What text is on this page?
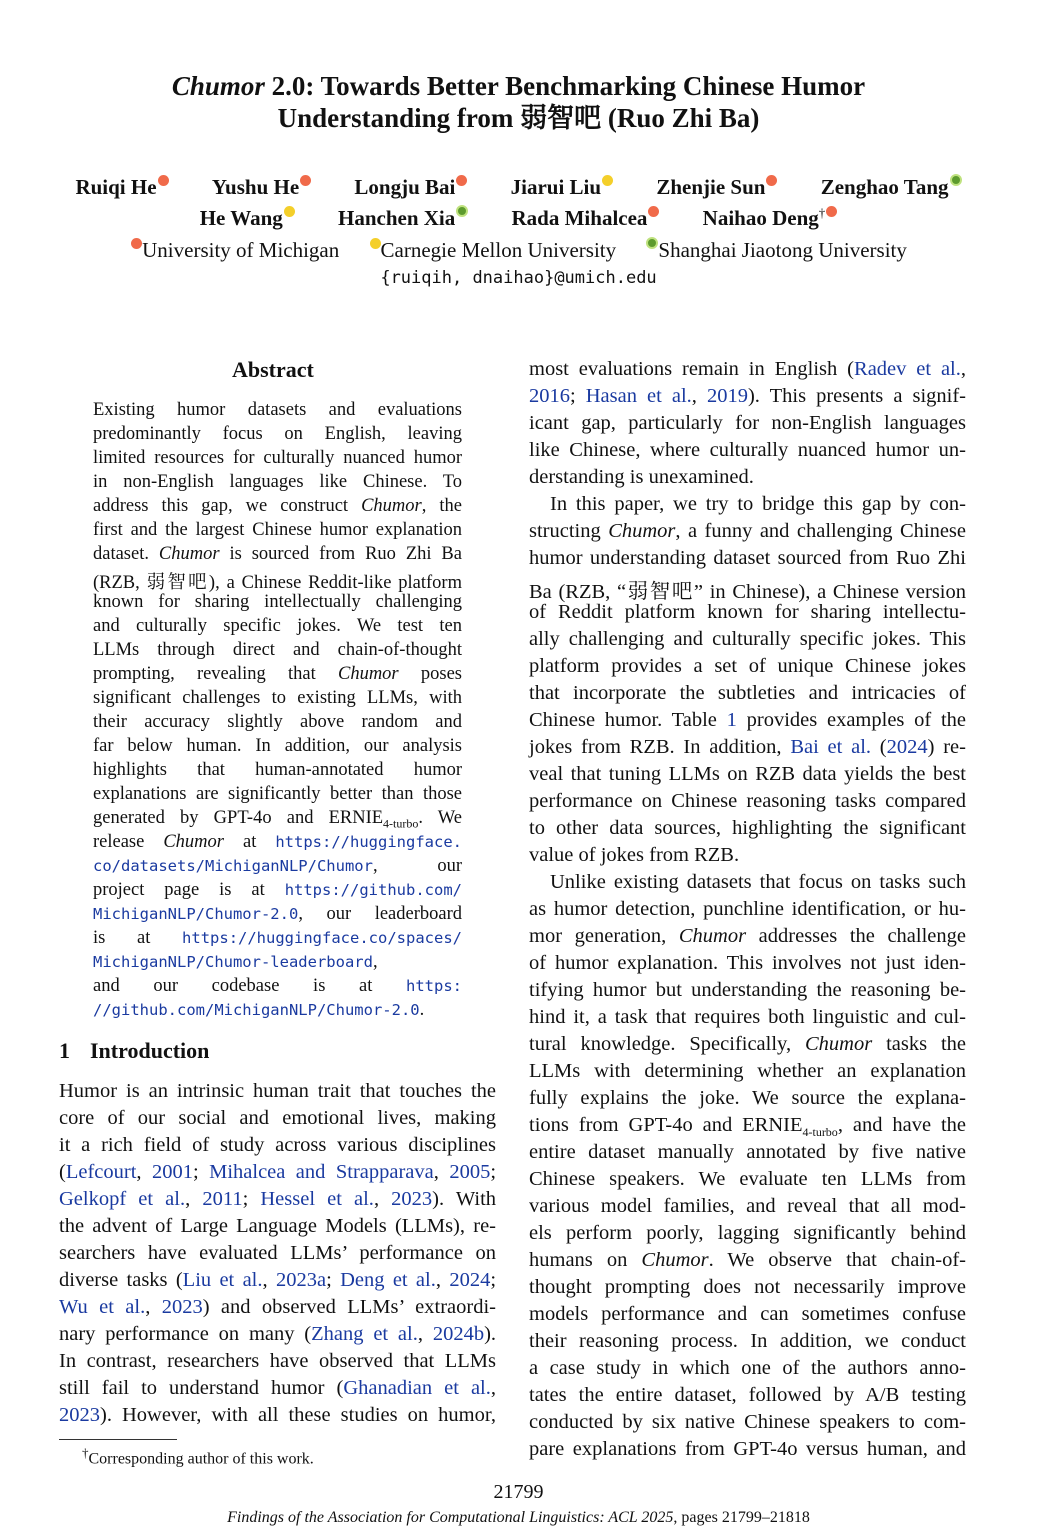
Chumor 2.0: Towards Better Benchmarking Chinese Humor
Understanding from 弱智吧 (Ruo Zhi Ba)
Ruiqi He	Yushu He	Longju Bai	Jiarui Liu	Zhenjie Sun	Zenghao Tang
He Wang	Hanchen Xia	Rada Mihalcea	Naihao Deng†
University of Michigan Carnegie Mellon University Shanghai Jiaotong University
{ruiqih, dnaihao}@umich.edu
Abstract
Existing humor datasets and evaluations
predominantly focus on English, leaving
limited resources for culturally nuanced humor
in non-English languages like Chinese. To
address this gap, we construct Chumor, the
first and the largest Chinese humor explanation
dataset. Chumor is sourced from Ruo Zhi Ba
(RZB, 弱智吧), a Chinese Reddit-like platform
known for sharing intellectually challenging
and culturally specific jokes. We test ten
LLMs through direct and chain-of-thought
prompting, revealing that Chumor poses
significant challenges to existing LLMs, with
their accuracy slightly above random and
far below human. In addition, our analysis
highlights that human-annotated humor
explanations are significantly better than those
generated by GPT-4o and $ERNIE_{4-turbo}$. We
release Chumor at https://huggingface.
co/datasets/MichiganNLP/Chumor, our
project page is at https://github.com/
MichiganNLP/Chumor-2.0, our leaderboard
is at https://huggingface.co/spaces/
MichiganNLP/Chumor-leaderboard,
and our codebase is at https:
//github.com/MichiganNLP/Chumor-2.0.
1 Introduction
Humor is an intrinsic human trait that touches the
core of our social and emotional lives, making
it a rich field of study across various disciplines
(Lefcourt, 2001; Mihalcea and Strapparava, 2005;
Gelkopf et al., 2011; Hessel et al., 2023). With
the advent of Large Language Models (LLMs), re-
searchers have evaluated LLMs’ performance on
diverse tasks (Liu et al., 2023a; Deng et al., 2024;
Wu et al., 2023) and observed LLMs’ extraordi-
nary performance on many (Zhang et al., 2024b).
In contrast, researchers have observed that LLMs
still fail to understand humor (Ghanadian et al.,
2023). However, with all these studies on humor,
†Corresponding author of this work.
most evaluations remain in English (Radev et al.,
2016; Hasan et al., 2019). This presents a signif-
icant gap, particularly for non-English languages
like Chinese, where culturally nuanced humor un-
derstanding is unexamined.
In this paper, we try to bridge this gap by con-
structing Chumor, a funny and challenging Chinese
humor understanding dataset sourced from Ruo Zhi
Ba (RZB, “弱智吧” in Chinese), a Chinese version
of Reddit platform known for sharing intellectu-
ally challenging and culturally specific jokes. This
platform provides a set of unique Chinese jokes
that incorporate the subtleties and intricacies of
Chinese humor. Table 1 provides examples of the
jokes from RZB. In addition, Bai et al. (2024) re-
veal that tuning LLMs on RZB data yields the best
performance on Chinese reasoning tasks compared
to other data sources, highlighting the significant
value of jokes from RZB.
Unlike existing datasets that focus on tasks such
as humor detection, punchline identification, or hu-
mor generation, Chumor addresses the challenge
of humor explanation. This involves not just iden-
tifying humor but understanding the reasoning be-
hind it, a task that requires both linguistic and cul-
tural knowledge. Specifically, Chumor tasks the
LLMs with determining whether an explanation
fully explains the joke. We source the explana-
tions from GPT-4o and $ERNIE_{4-turbo}$, and have the
entire dataset manually annotated by five native
Chinese speakers. We evaluate ten LLMs from
various model families, and reveal that all mod-
els perform poorly, lagging significantly behind
humans on Chumor. We observe that chain-of-
thought prompting does not necessarily improve
models performance and can sometimes confuse
their reasoning process. In addition, we conduct
a case study in which one of the authors anno-
tates the entire dataset, followed by A/B testing
conducted by six native Chinese speakers to com-
pare explanations from GPT-4o versus human, and
21799
Findings of the Association for Computational Linguistics: ACL 2025, pages 21799–21818
